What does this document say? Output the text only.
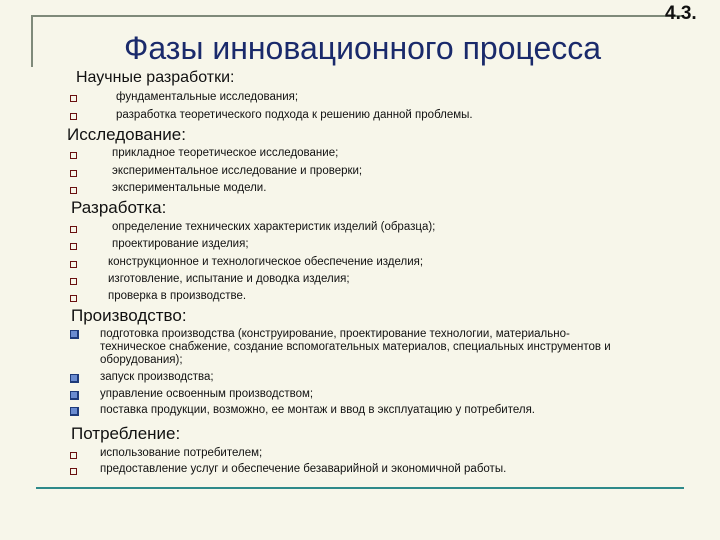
4.3.
Фазы инновационного процесса
Научные разработки:
фундаментальные исследования;
разработка теоретического подхода к решению данной проблемы.
Исследование:
прикладное теоретическое исследование;
экспериментальное исследование и проверки;
экспериментальные модели.
Разработка:
определение технических характеристик изделий (образца);
проектирование изделия;
конструкционное и технологическое обеспечение изделия;
изготовление, испытание и доводка изделия;
проверка в производстве.
Производство:
подготовка производства (конструирование, проектирование технологии, материально-
техническое снабжение, создание вспомогательных материалов, специальных инструментов и
оборудования);
запуск производства;
управление освоенным производством;
поставка продукции, возможно, ее монтаж и ввод в эксплуатацию у потребителя.
Потребление:
использование потребителем;
предоставление услуг и обеспечение безаварийной и экономичной работы.
